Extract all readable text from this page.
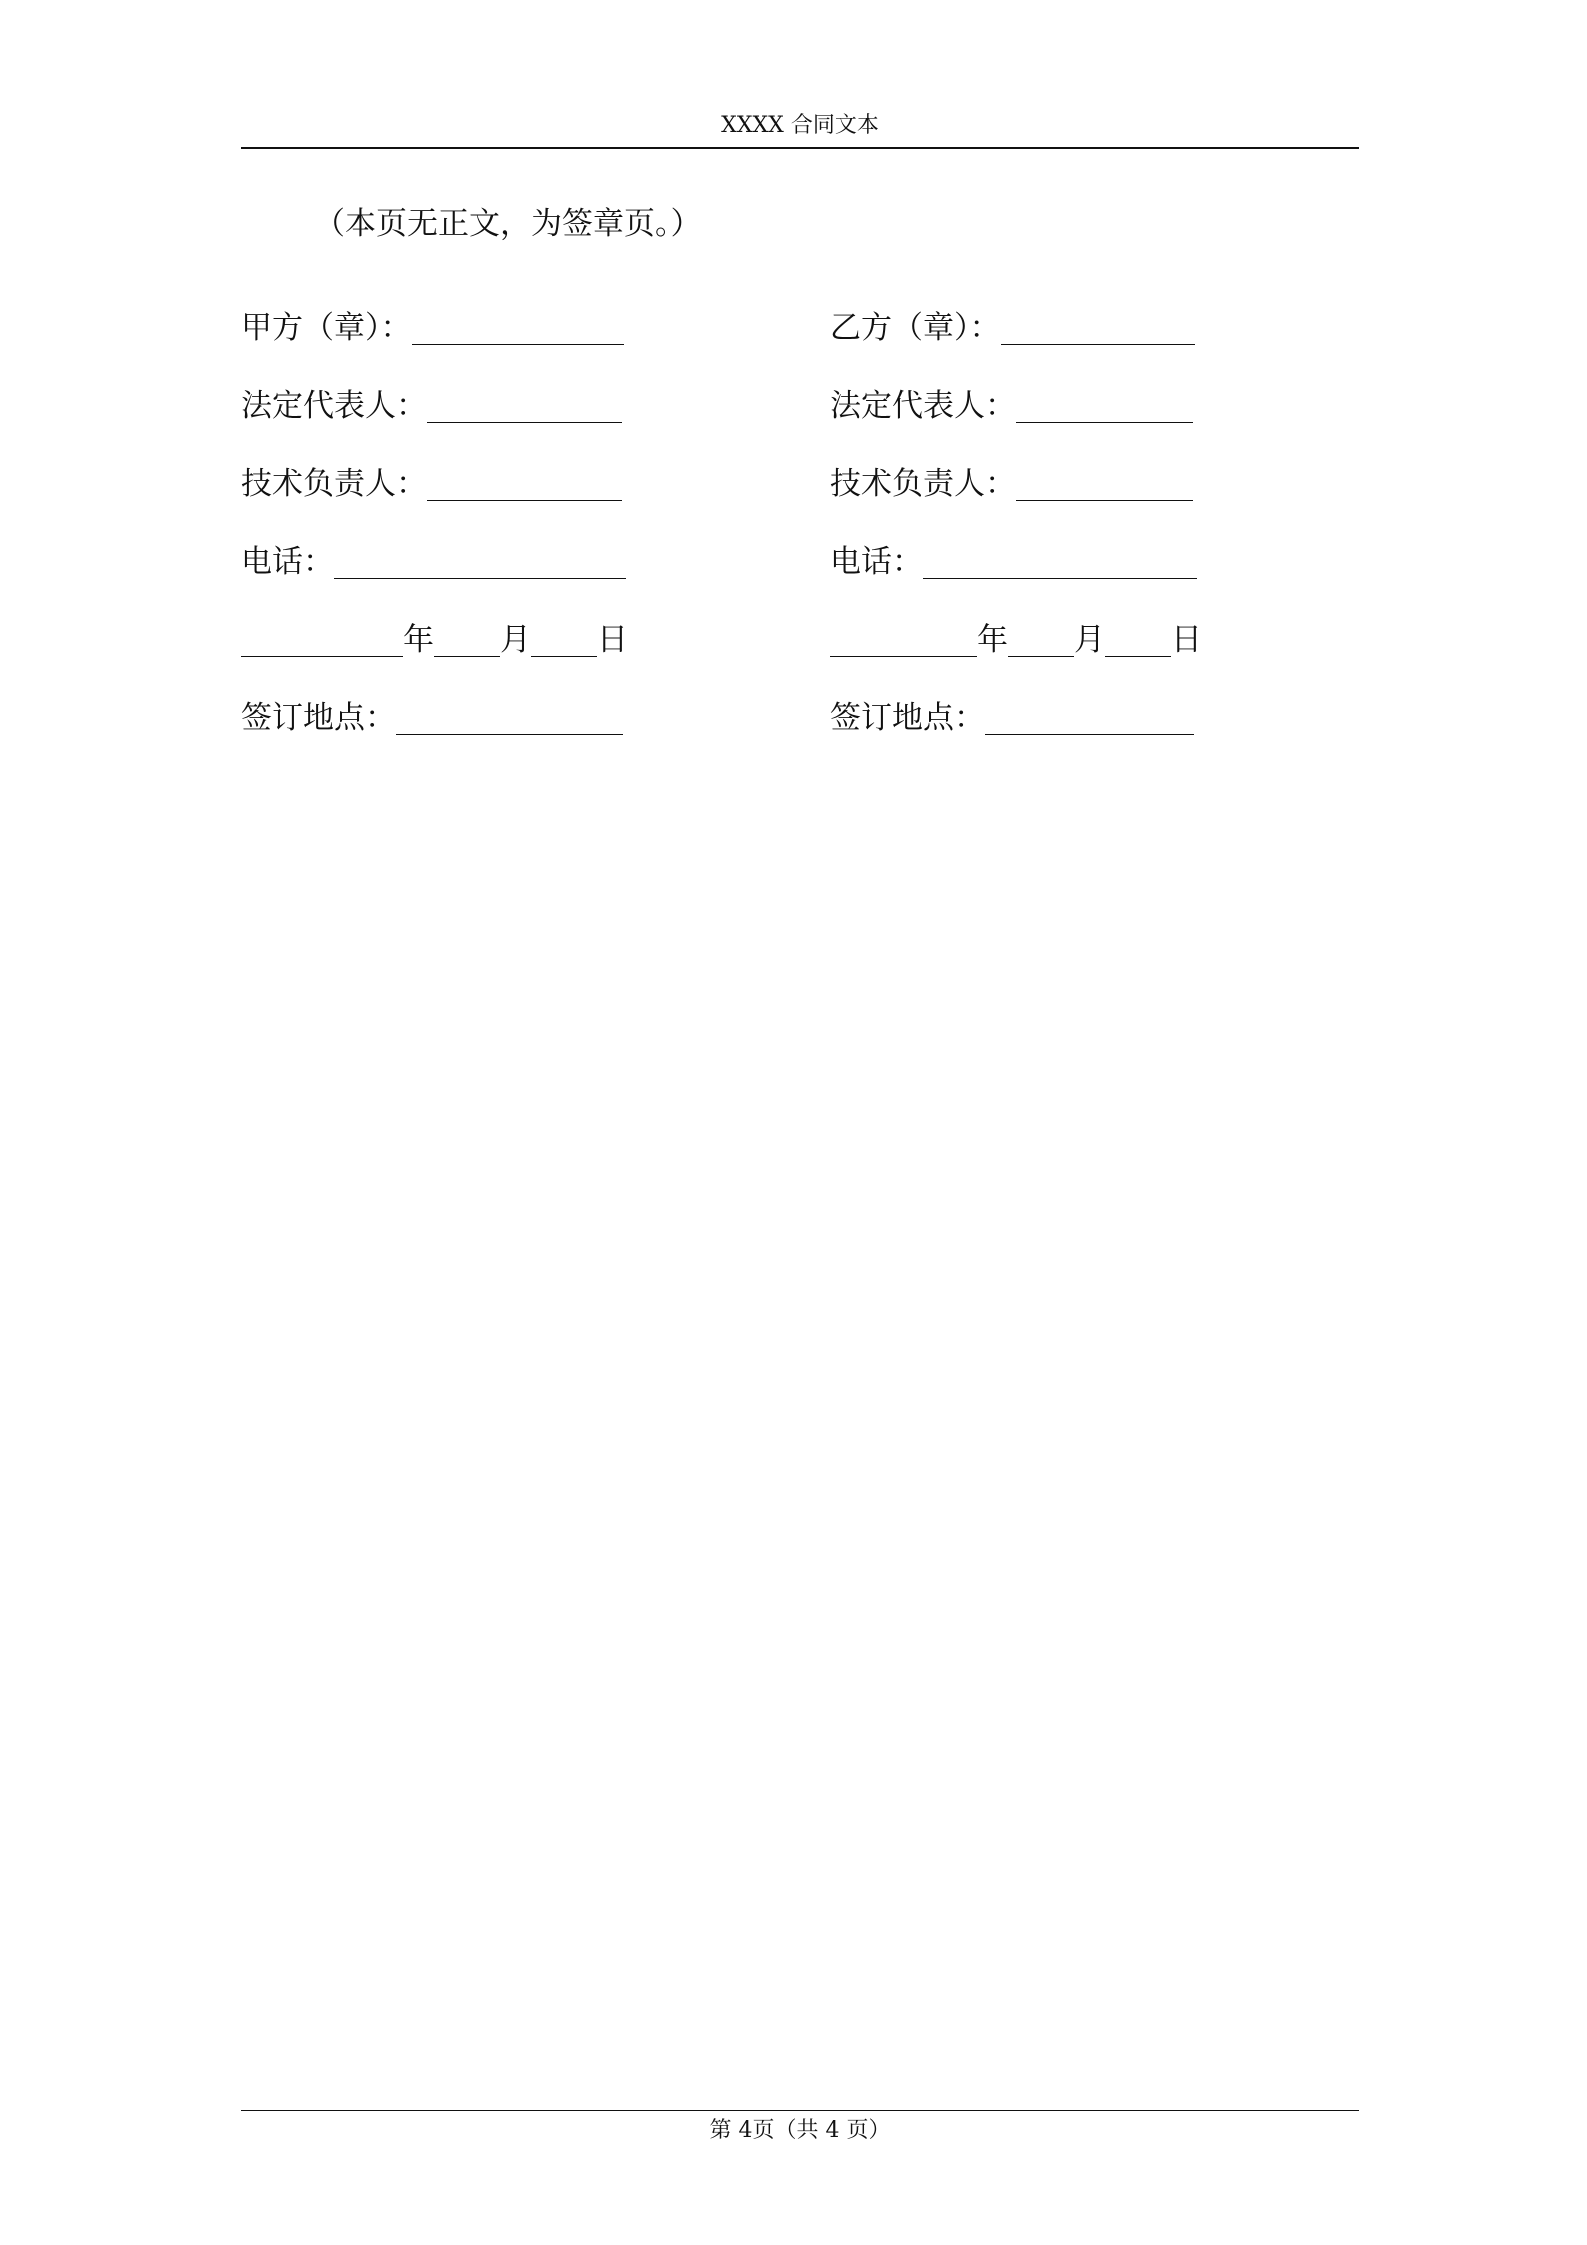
XXXX 合同文本
（本页无正文，为签章页。）
甲方（章）：
法定代表人：
技术负责人：
电话：
年 月 日
签订地点：
乙方（章）：
法定代表人：
技术负责人：
电话：
年 月 日
签订地点：
第 4页（共 4 页）
